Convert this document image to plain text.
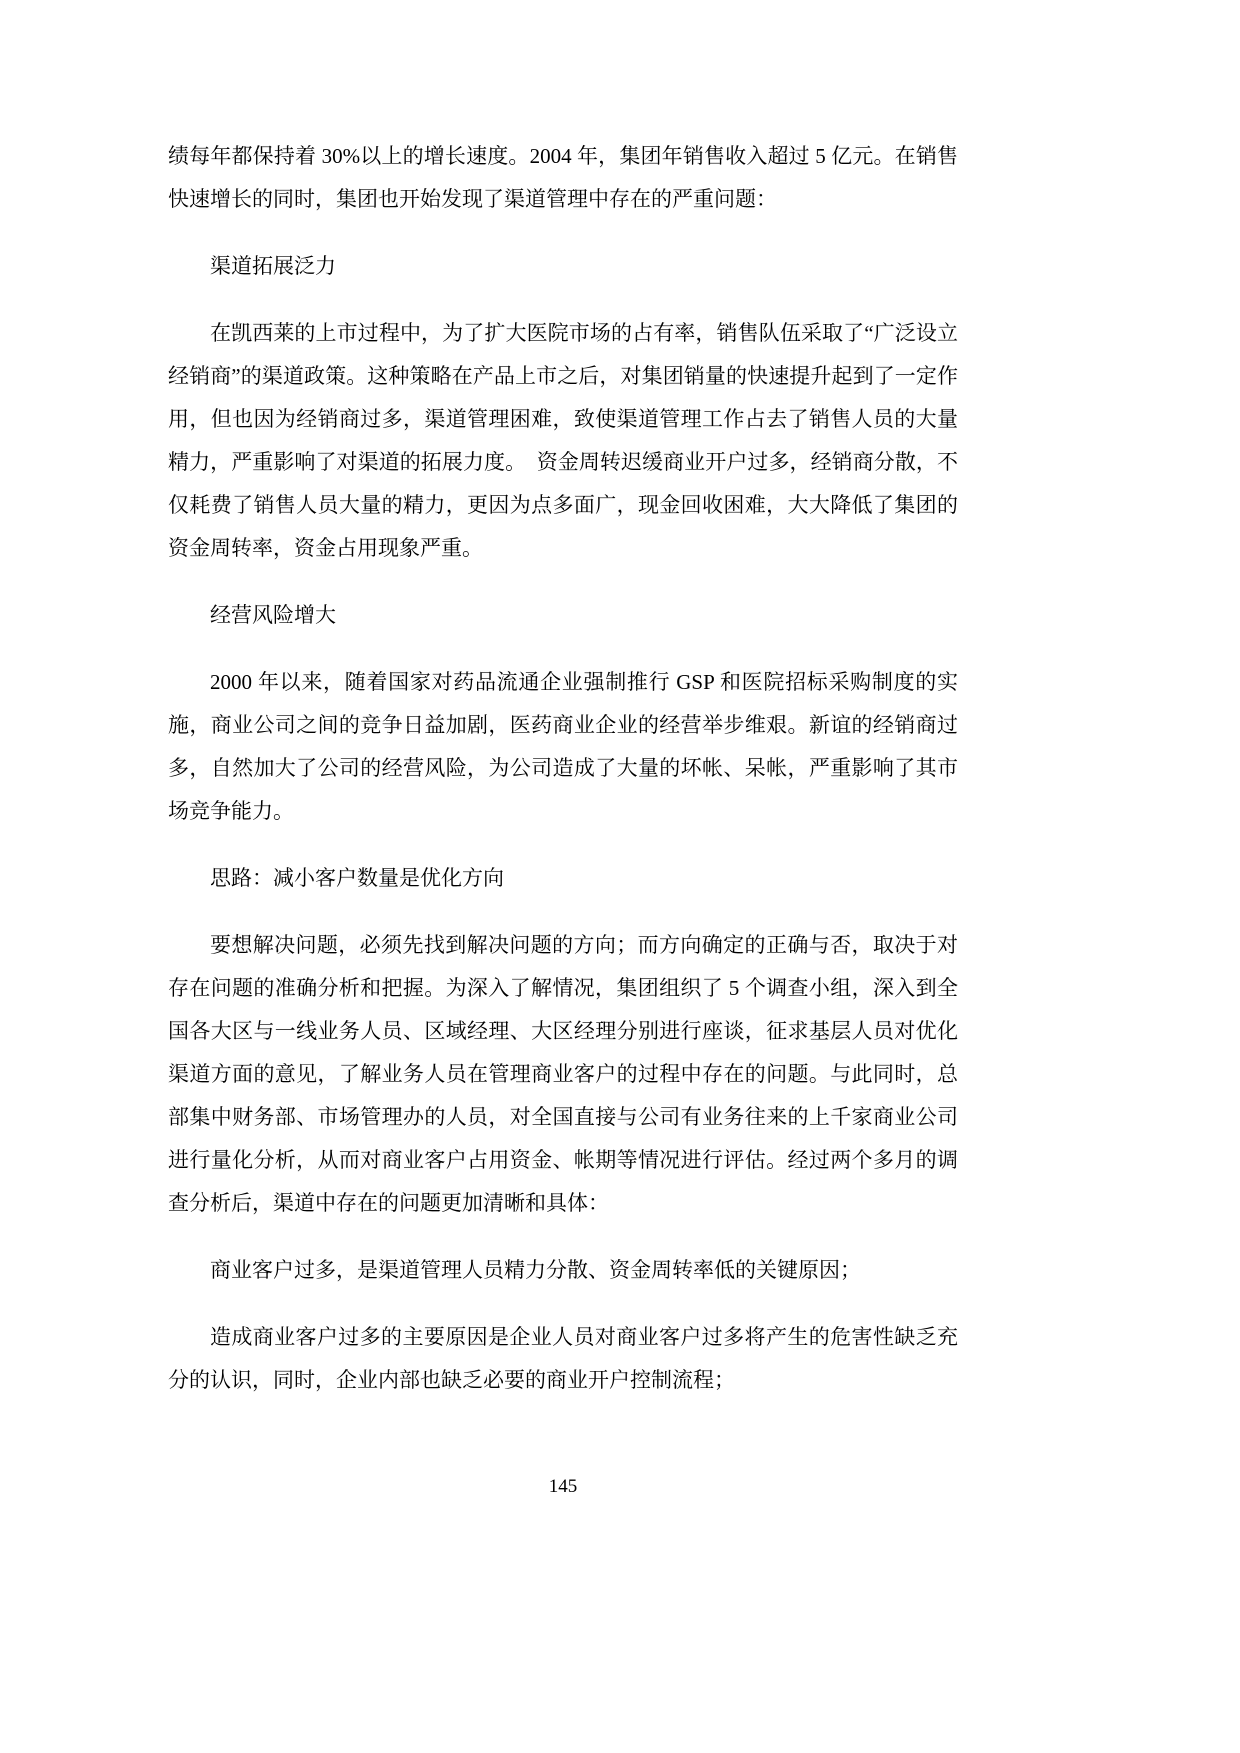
绩每年都保持着 30%以上的增长速度。2004 年，集团年销售收入超过 5 亿元。在销售快速增长的同时，集团也开始发现了渠道管理中存在的严重问题：

渠道拓展泛力

在凯西莱的上市过程中，为了扩大医院市场的占有率，销售队伍采取了“广泛设立经销商”的渠道政策。这种策略在产品上市之后，对集团销量的快速提升起到了一定作用，但也因为经销商过多，渠道管理困难，致使渠道管理工作占去了销售人员的大量精力，严重影响了对渠道的拓展力度。　资金周转迟缓商业开户过多，经销商分散，不仅耗费了销售人员大量的精力，更因为点多面广，现金回收困难，大大降低了集团的资金周转率，资金占用现象严重。

经营风险增大

2000 年以来，随着国家对药品流通企业强制推行 GSP 和医院招标采购制度的实施，商业公司之间的竞争日益加剧，医药商业企业的经营举步维艰。新谊的经销商过多，自然加大了公司的经营风险，为公司造成了大量的坏帐、呆帐，严重影响了其市场竞争能力。

思路：减小客户数量是优化方向

要想解决问题，必须先找到解决问题的方向；而方向确定的正确与否，取决于对存在问题的准确分析和把握。为深入了解情况，集团组织了 5 个调查小组，深入到全国各大区与一线业务人员、区域经理、大区经理分别进行座谈，征求基层人员对优化渠道方面的意见，了解业务人员在管理商业客户的过程中存在的问题。与此同时，总部集中财务部、市场管理办的人员，对全国直接与公司有业务往来的上千家商业公司进行量化分析，从而对商业客户占用资金、帐期等情况进行评估。经过两个多月的调查分析后，渠道中存在的问题更加清晰和具体：

商业客户过多，是渠道管理人员精力分散、资金周转率低的关键原因；

造成商业客户过多的主要原因是企业人员对商业客户过多将产生的危害性缺乏充分的认识，同时，企业内部也缺乏必要的商业开户控制流程；

145
